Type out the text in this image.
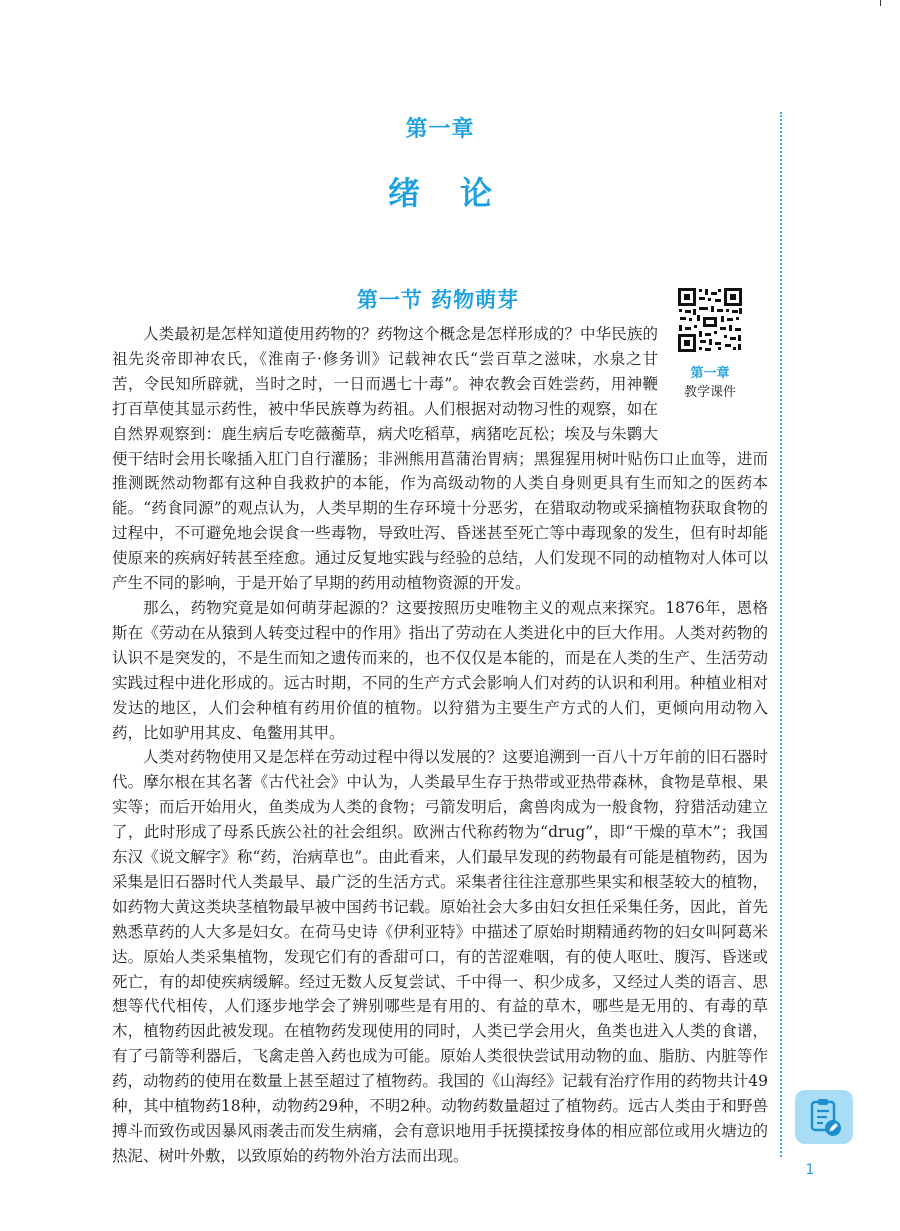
第一章
绪论
第一节 药物萌芽
第一章
教学课件

人类最初是怎样知道使用药物的？药物这个概念是怎样形成的？中华民族的祖先炎帝即神农氏，《淮南子·修务训》记载神农氏“尝百草之滋味，水泉之甘苦，令民知所辟就，当时之时，一日而遇七十毒”。神农教会百姓尝药，用神鞭打百草使其显示药性，被中华民族尊为药祖。人们根据对动物习性的观察，如在自然界观察到：鹿生病后专吃薇蘅草，病犬吃稻草，病猪吃瓦松；埃及与朱鹮大便干结时会用长喙插入肛门自行灌肠；非洲熊用菖蒲治胃病；黑猩猩用树叶贴伤口止血等，进而推测既然动物都有这种自我救护的本能，作为高级动物的人类自身则更具有生而知之的医药本能。“药食同源”的观点认为，人类早期的生存环境十分恶劣，在猎取动物或采摘植物获取食物的过程中，不可避免地会误食一些毒物，导致吐泻、昏迷甚至死亡等中毒现象的发生，但有时却能使原来的疾病好转甚至痊愈。通过反复地实践与经验的总结，人们发现不同的动植物对人体可以产生不同的影响，于是开始了早期的药用动植物资源的开发。

那么，药物究竟是如何萌芽起源的？这要按照历史唯物主义的观点来探究。1876年，恩格斯在《劳动在从猿到人转变过程中的作用》指出了劳动在人类进化中的巨大作用。人类对药物的认识不是突发的，不是生而知之遗传而来的，也不仅仅是本能的，而是在人类的生产、生活劳动实践过程中进化形成的。远古时期，不同的生产方式会影响人们对药的认识和利用。种植业相对发达的地区，人们会种植有药用价值的植物。以狩猎为主要生产方式的人们，更倾向用动物入药，比如驴用其皮、龟鳖用其甲。

人类对药物使用又是怎样在劳动过程中得以发展的？这要追溯到一百八十万年前的旧石器时代。摩尔根在其名著《古代社会》中认为，人类最早生存于热带或亚热带森林，食物是草根、果实等；而后开始用火，鱼类成为人类的食物；弓箭发明后，禽兽肉成为一般食物，狩猎活动建立了，此时形成了母系氏族公社的社会组织。欧洲古代称药物为“drug”，即“干燥的草木”；我国东汉《说文解字》称“药，治病草也”。由此看来，人们最早发现的药物最有可能是植物药，因为采集是旧石器时代人类最早、最广泛的生活方式。采集者往往注意那些果实和根茎较大的植物，如药物大黄这类块茎植物最早被中国药书记载。原始社会大多由妇女担任采集任务，因此，首先熟悉草药的人大多是妇女。在荷马史诗《伊利亚特》中描述了原始时期精通药物的妇女叫阿葛米达。原始人类采集植物，发现它们有的香甜可口，有的苦涩难咽，有的使人呕吐、腹泻、昏迷或死亡，有的却使疾病缓解。经过无数人反复尝试、千中得一、积少成多，又经过人类的语言、思想等代代相传，人们逐步地学会了辨别哪些是有用的、有益的草木，哪些是无用的、有毒的草木，植物药因此被发现。在植物药发现使用的同时，人类已学会用火，鱼类也进入人类的食谱，有了弓箭等利器后，飞禽走兽入药也成为可能。原始人类很快尝试用动物的血、脂肪、内脏等作药，动物药的使用在数量上甚至超过了植物药。我国的《山海经》记载有治疗作用的药物共计49种，其中植物药18种，动物药29种，不明2种。动物药数量超过了植物药。远古人类由于和野兽搏斗而致伤或因暴风雨袭击而发生病痛，会有意识地用手抚摸揉按身体的相应部位或用火塘边的热泥、树叶外敷，以致原始的药物外治方法而出现。

1
